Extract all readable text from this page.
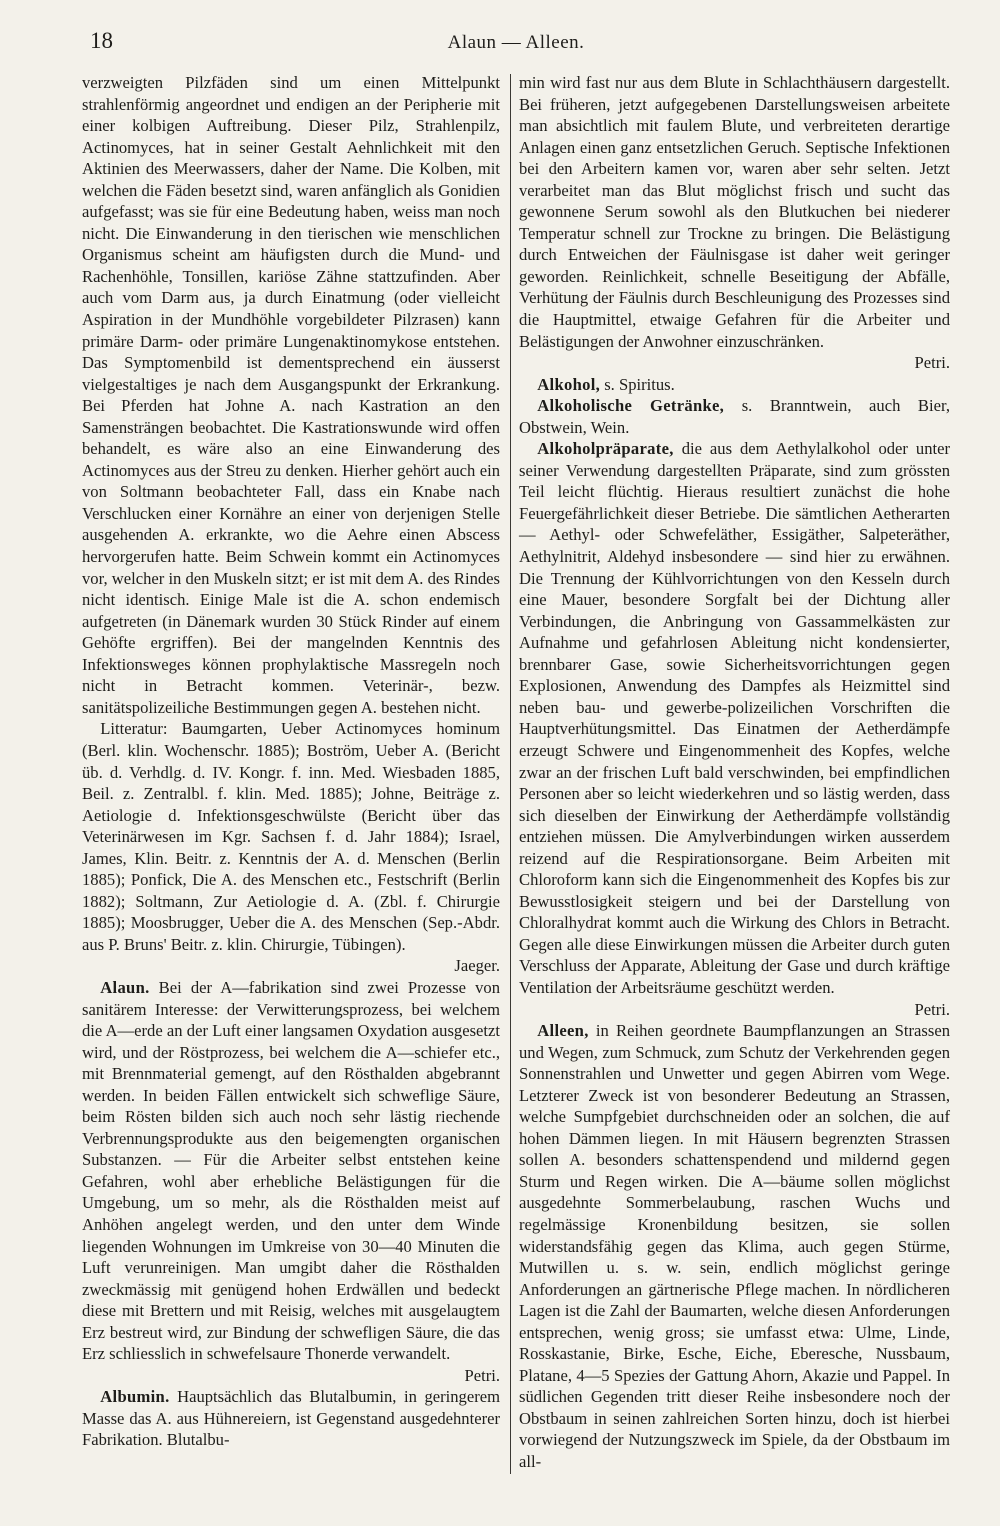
18	Alaun — Alleen.

verzweigten Pilzfäden sind um einen Mittelpunkt strahlenförmig angeordnet und endigen an der Peripherie mit einer kolbigen Auftreibung. Dieser Pilz, Strahlenpilz, Actinomyces, hat in seiner Gestalt Aehnlichkeit mit den Aktinien des Meerwassers, daher der Name. Die Kolben, mit welchen die Fäden besetzt sind, waren anfänglich als Gonidien aufgefasst; was sie für eine Bedeutung haben, weiss man noch nicht. Die Einwanderung in den tierischen wie menschlichen Organismus scheint am häufigsten durch die Mund- und Rachenhöhle, Tonsillen, kariöse Zähne stattzufinden. Aber auch vom Darm aus, ja durch Einatmung (oder vielleicht Aspiration in der Mundhöhle vorgebildeter Pilzrasen) kann primäre Darm- oder primäre Lungenaktinomykose entstehen. Das Symptomenbild ist dementsprechend ein äusserst vielgestaltiges je nach dem Ausgangspunkt der Erkrankung. Bei Pferden hat Johne A. nach Kastration an den Samensträngen beobachtet. Die Kastrationswunde wird offen behandelt, es wäre also an eine Einwanderung des Actinomyces aus der Streu zu denken. Hierher gehört auch ein von Soltmann beobachteter Fall, dass ein Knabe nach Verschlucken einer Kornähre an einer von derjenigen Stelle ausgehenden A. erkrankte, wo die Aehre einen Abscess hervorgerufen hatte. Beim Schwein kommt ein Actinomyces vor, welcher in den Muskeln sitzt; er ist mit dem A. des Rindes nicht identisch. Einige Male ist die A. schon endemisch aufgetreten (in Dänemark wurden 30 Stück Rinder auf einem Gehöfte ergriffen). Bei der mangelnden Kenntnis des Infektionsweges können prophylaktische Massregeln noch nicht in Betracht kommen. Veterinär-, bezw. sanitätspolizeiliche Bestimmungen gegen A. bestehen nicht.

Litteratur: Baumgarten, Ueber Actinomyces hominum (Berl. klin. Wochenschr. 1885); Boström, Ueber A. (Bericht üb. d. Verhdlg. d. IV. Kongr. f. inn. Med. Wiesbaden 1885, Beil. z. Zentralbl. f. klin. Med. 1885); Johne, Beiträge z. Aetiologie d. Infektionsgeschwülste (Bericht über das Veterinärwesen im Kgr. Sachsen f. d. Jahr 1884); Israel, James, Klin. Beitr. z. Kenntnis der A. d. Menschen (Berlin 1885); Ponfick, Die A. des Menschen etc., Festschrift (Berlin 1882); Soltmann, Zur Aetiologie d. A. (Zbl. f. Chirurgie 1885); Moosbrugger, Ueber die A. des Menschen (Sep.-Abdr. aus P. Bruns' Beitr. z. klin. Chirurgie, Tübingen).

Jaeger.

Alaun. Bei der A—fabrikation sind zwei Prozesse von sanitärem Interesse: der Verwitterungsprozess, bei welchem die A—erde an der Luft einer langsamen Oxydation ausgesetzt wird, und der Röstprozess, bei welchem die A—schiefer etc., mit Brennmaterial gemengt, auf den Rösthalden abgebrannt werden. In beiden Fällen entwickelt sich schweflige Säure, beim Rösten bilden sich auch noch sehr lästig riechende Verbrennungsprodukte aus den beigemengten organischen Substanzen. — Für die Arbeiter selbst entstehen keine Gefahren, wohl aber erhebliche Belästigungen für die Umgebung, um so mehr, als die Rösthalden meist auf Anhöhen angelegt werden, und den unter dem Winde liegenden Wohnungen im Umkreise von 30—40 Minuten die Luft verunreinigen. Man umgibt daher die Rösthalden zweckmässig mit genügend hohen Erdwällen und bedeckt diese mit Brettern und mit Reisig, welches mit ausgelaugtem Erz bestreut wird, zur Bindung der schwefligen Säure, die das Erz schliesslich in schwefelsaure Thonerde verwandelt.

Petri.

Albumin. Hauptsächlich das Blutalbumin, in geringerem Masse das A. aus Hühnereiern, ist Gegenstand ausgedehnterer Fabrikation. Blutalbu-

min wird fast nur aus dem Blute in Schlachthäusern dargestellt. Bei früheren, jetzt aufgegebenen Darstellungsweisen arbeitete man absichtlich mit faulem Blute, und verbreiteten derartige Anlagen einen ganz entsetzlichen Geruch. Septische Infektionen bei den Arbeitern kamen vor, waren aber sehr selten. Jetzt verarbeitet man das Blut möglichst frisch und sucht das gewonnene Serum sowohl als den Blutkuchen bei niederer Temperatur schnell zur Trockne zu bringen. Die Belästigung durch Entweichen der Fäulnisgase ist daher weit geringer geworden. Reinlichkeit, schnelle Beseitigung der Abfälle, Verhütung der Fäulnis durch Beschleunigung des Prozesses sind die Hauptmittel, etwaige Gefahren für die Arbeiter und Belästigungen der Anwohner einzuschränken.

Petri.

Alkohol, s. Spiritus.

Alkoholische Getränke, s. Branntwein, auch Bier, Obstwein, Wein.

Alkoholpräparate, die aus dem Aethylalkohol oder unter seiner Verwendung dargestellten Präparate, sind zum grössten Teil leicht flüchtig. Hieraus resultiert zunächst die hohe Feuergefährlichkeit dieser Betriebe. Die sämtlichen Aetherarten — Aethyl- oder Schwefeläther, Essigäther, Salpeteräther, Aethylnitrit, Aldehyd insbesondere — sind hier zu erwähnen. Die Trennung der Kühlvorrichtungen von den Kesseln durch eine Mauer, besondere Sorgfalt bei der Dichtung aller Verbindungen, die Anbringung von Gassammelkästen zur Aufnahme und gefahrlosen Ableitung nicht kondensierter, brennbarer Gase, sowie Sicherheitsvorrichtungen gegen Explosionen, Anwendung des Dampfes als Heizmittel sind neben bau- und gewerbe-polizeilichen Vorschriften die Hauptverhütungsmittel. Das Einatmen der Aetherdämpfe erzeugt Schwere und Eingenommenheit des Kopfes, welche zwar an der frischen Luft bald verschwinden, bei empfindlichen Personen aber so leicht wiederkehren und so lästig werden, dass sich dieselben der Einwirkung der Aetherdämpfe vollständig entziehen müssen. Die Amylverbindungen wirken ausserdem reizend auf die Respirationsorgane. Beim Arbeiten mit Chloroform kann sich die Eingenommenheit des Kopfes bis zur Bewusstlosigkeit steigern und bei der Darstellung von Chloralhydrat kommt auch die Wirkung des Chlors in Betracht. Gegen alle diese Einwirkungen müssen die Arbeiter durch guten Verschluss der Apparate, Ableitung der Gase und durch kräftige Ventilation der Arbeitsräume geschützt werden.

Petri.

Alleen, in Reihen geordnete Baumpflanzungen an Strassen und Wegen, zum Schmuck, zum Schutz der Verkehrenden gegen Sonnenstrahlen und Unwetter und gegen Abirren vom Wege. Letzterer Zweck ist von besonderer Bedeutung an Strassen, welche Sumpfgebiet durchschneiden oder an solchen, die auf hohen Dämmen liegen. In mit Häusern begrenzten Strassen sollen A. besonders schattenspendend und mildernd gegen Sturm und Regen wirken. Die A—bäume sollen möglichst ausgedehnte Sommerbelaubung, raschen Wuchs und regelmässige Kronenbildung besitzen, sie sollen widerstandsfähig gegen das Klima, auch gegen Stürme, Mutwillen u. s. w. sein, endlich möglichst geringe Anforderungen an gärtnerische Pflege machen. In nördlicheren Lagen ist die Zahl der Baumarten, welche diesen Anforderungen entsprechen, wenig gross; sie umfasst etwa: Ulme, Linde, Rosskastanie, Birke, Esche, Eiche, Eberesche, Nussbaum, Platane, 4—5 Spezies der Gattung Ahorn, Akazie und Pappel. In südlichen Gegenden tritt dieser Reihe insbesondere noch der Obstbaum in seinen zahlreichen Sorten hinzu, doch ist hierbei vorwiegend der Nutzungszweck im Spiele, da der Obstbaum im all-
